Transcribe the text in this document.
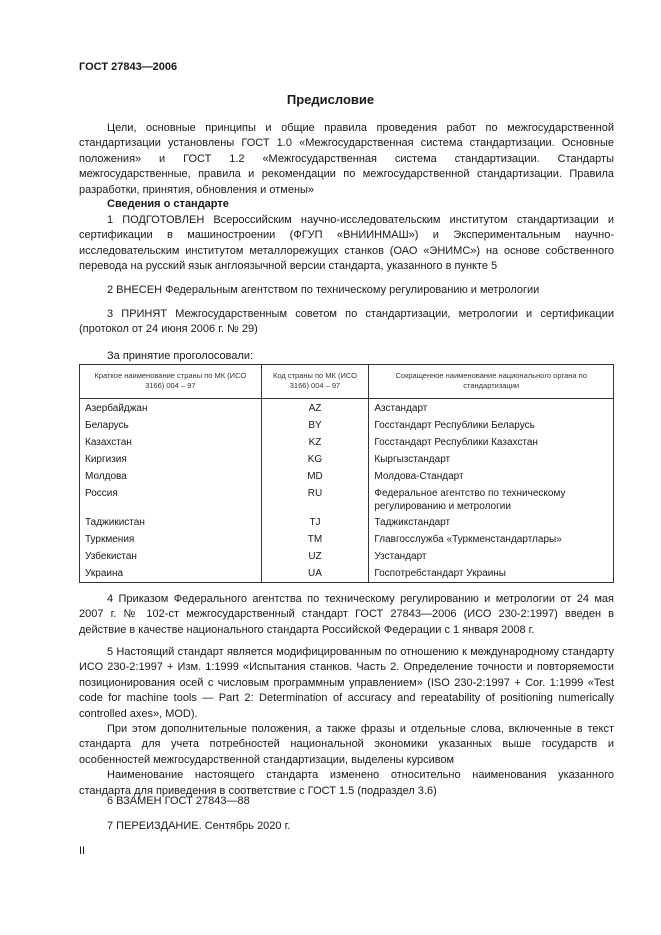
ГОСТ 27843—2006
Предисловие

Цели, основные принципы и общие правила проведения работ по межгосударственной стандартизации установлены ГОСТ 1.0 «Межгосударственная система стандартизации. Основные положения» и ГОСТ 1.2 «Межгосударственная система стандартизации. Стандарты межгосударственные, правила и рекомендации по межгосударственной стандартизации. Правила разработки, принятия, обновления и отмены»

Сведения о стандарте

1 ПОДГОТОВЛЕН Всероссийским научно-исследовательским институтом стандартизации и сертификации в машиностроении (ФГУП «ВНИИНМАШ») и Экспериментальным научно-исследовательским институтом металлорежущих станков (ОАО «ЭНИМС») на основе собственного перевода на русский язык англоязычной версии стандарта, указанного в пункте 5

2 ВНЕСЕН Федеральным агентством по техническому регулированию и метрологии

3 ПРИНЯТ Межгосударственным советом по стандартизации, метрологии и сертификации (протокол от 24 июня 2006 г. № 29)

За принятие проголосовали:
Краткое наименование страны по МК (ИСО 3166) 004 – 97	Код страны по МК (ИСО 3166) 004 – 97	Сокращенное наименование национального органа по стандартизации
Азербайджан	AZ	Азстандарт
Беларусь	BY	Госстандарт Республики Беларусь
Казахстан	KZ	Госстандарт Республики Казахстан
Киргизия	KG	Кыргызстандарт
Молдова	MD	Молдова-Стандарт
Россия	RU	Федеральное агентство по техническому регулированию и метрологии
Таджикистан	TJ	Таджикстандарт
Туркмения	TM	Главгосслужба «Туркменстандартлары»
Узбекистан	UZ	Узстандарт
Украина	UA	Госпотребстандарт Украины

4 Приказом Федерального агентства по техническому регулированию и метрологии от 24 мая 2007 г. № 102-ст межгосударственный стандарт ГОСТ 27843—2006 (ИСО 230-2:1997) введен в действие в качестве национального стандарта Российской Федерации с 1 января 2008 г.

5 Настоящий стандарт является модифицированным по отношению к международному стандарту ИСО 230-2:1997 + Изм. 1:1999 «Испытания станков. Часть 2. Определение точности и повторяемости позиционирования осей с числовым программным управлением» (ISO 230-2:1997 + Cor. 1:1999 «Test code for machine tools — Part 2: Determination of accuracy and repeatability of positioning numerically controlled axes», MOD).

При этом дополнительные положения, а также фразы и отдельные слова, включенные в текст стандарта для учета потребностей национальной экономики указанных выше государств и особенностей межгосударственной стандартизации, выделены курсивом

Наименование настоящего стандарта изменено относительно наименования указанного стандарта для приведения в соответствие с ГОСТ 1.5 (подраздел 3.6)

6 ВЗАМЕН ГОСТ 27843—88

7 ПЕРЕИЗДАНИЕ. Сентябрь 2020 г.

II
